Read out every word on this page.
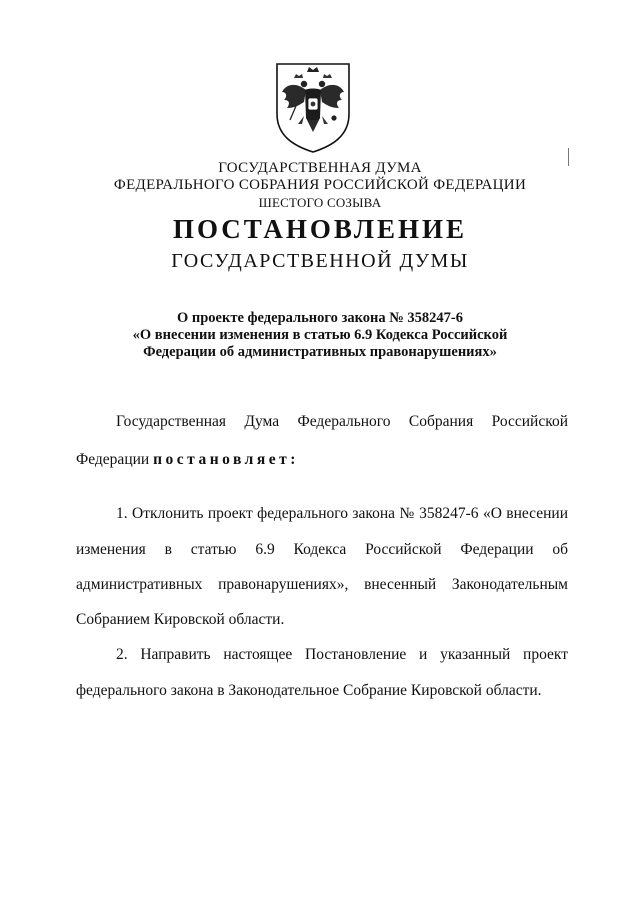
ГОСУДАРСТВЕННАЯ ДУМА
ФЕДЕРАЛЬНОГО СОБРАНИЯ РОССИЙСКОЙ ФЕДЕРАЦИИ
ШЕСТОГО СОЗЫВА
ПОСТАНОВЛЕНИЕ
ГОСУДАРСТВЕННОЙ ДУМЫ
О проекте федерального закона № 358247-6
«О внесении изменения в статью 6.9 Кодекса Российской
Федерации об административных правонарушениях»
Государственная Дума Федерального Собрания Российской
Федерации постановляет:
1. Отклонить проект федерального закона № 358247-6 «О внесении
изменения в статью 6.9 Кодекса Российской Федерации об
административных правонарушениях», внесенный Законодательным
Собранием Кировской области.
2. Направить настоящее Постановление и указанный проект
федерального закона в Законодательное Собрание Кировской области.
